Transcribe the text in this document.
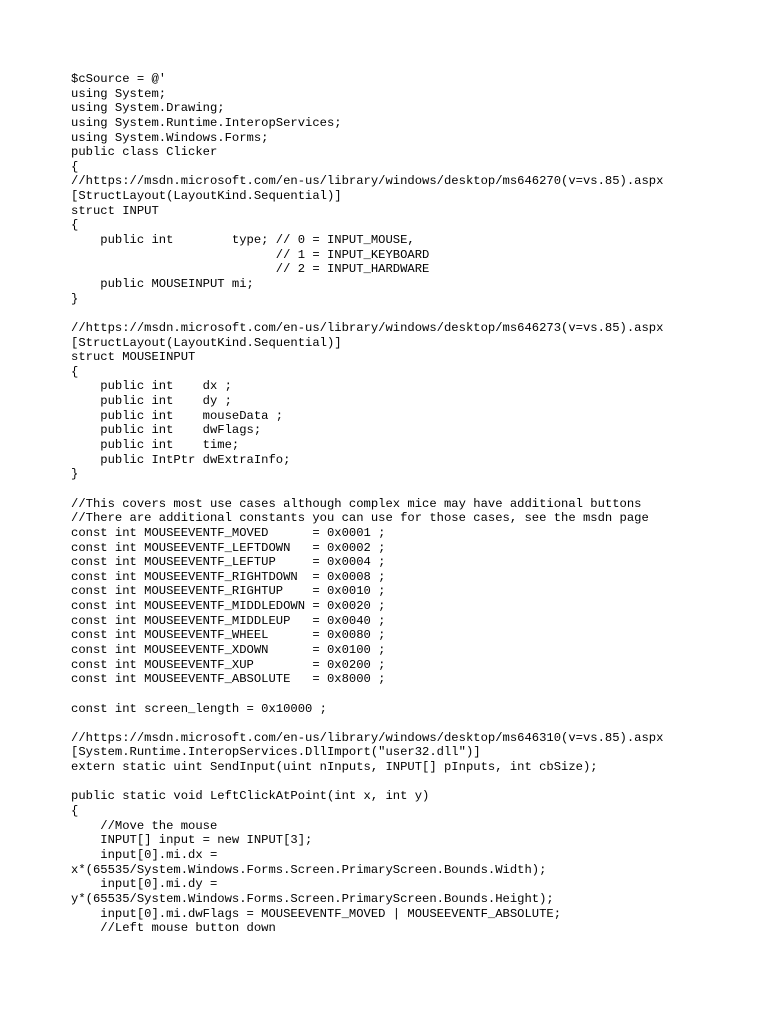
$cSource = @'
using System;
using System.Drawing;
using System.Runtime.InteropServices;
using System.Windows.Forms;
public class Clicker
{
//https://msdn.microsoft.com/en-us/library/windows/desktop/ms646270(v=vs.85).aspx
[StructLayout(LayoutKind.Sequential)]
struct INPUT
{
public int        type; // 0 = INPUT_MOUSE,
// 1 = INPUT_KEYBOARD
// 2 = INPUT_HARDWARE
public MOUSEINPUT mi;
}
//https://msdn.microsoft.com/en-us/library/windows/desktop/ms646273(v=vs.85).aspx
[StructLayout(LayoutKind.Sequential)]
struct MOUSEINPUT
{
public int    dx ;
public int    dy ;
public int    mouseData ;
public int    dwFlags;
public int    time;
public IntPtr dwExtraInfo;
}
//This covers most use cases although complex mice may have additional buttons
//There are additional constants you can use for those cases, see the msdn page
const int MOUSEEVENTF_MOVED      = 0x0001 ;
const int MOUSEEVENTF_LEFTDOWN   = 0x0002 ;
const int MOUSEEVENTF_LEFTUP     = 0x0004 ;
const int MOUSEEVENTF_RIGHTDOWN  = 0x0008 ;
const int MOUSEEVENTF_RIGHTUP    = 0x0010 ;
const int MOUSEEVENTF_MIDDLEDOWN = 0x0020 ;
const int MOUSEEVENTF_MIDDLEUP   = 0x0040 ;
const int MOUSEEVENTF_WHEEL      = 0x0080 ;
const int MOUSEEVENTF_XDOWN      = 0x0100 ;
const int MOUSEEVENTF_XUP        = 0x0200 ;
const int MOUSEEVENTF_ABSOLUTE   = 0x8000 ;
const int screen_length = 0x10000 ;
//https://msdn.microsoft.com/en-us/library/windows/desktop/ms646310(v=vs.85).aspx
[System.Runtime.InteropServices.DllImport("user32.dll")]
extern static uint SendInput(uint nInputs, INPUT[] pInputs, int cbSize);
public static void LeftClickAtPoint(int x, int y)
{
//Move the mouse
INPUT[] input = new INPUT[3];
input[0].mi.dx =
x*(65535/System.Windows.Forms.Screen.PrimaryScreen.Bounds.Width);
input[0].mi.dy =
y*(65535/System.Windows.Forms.Screen.PrimaryScreen.Bounds.Height);
input[0].mi.dwFlags = MOUSEEVENTF_MOVED | MOUSEEVENTF_ABSOLUTE;
//Left mouse button down
